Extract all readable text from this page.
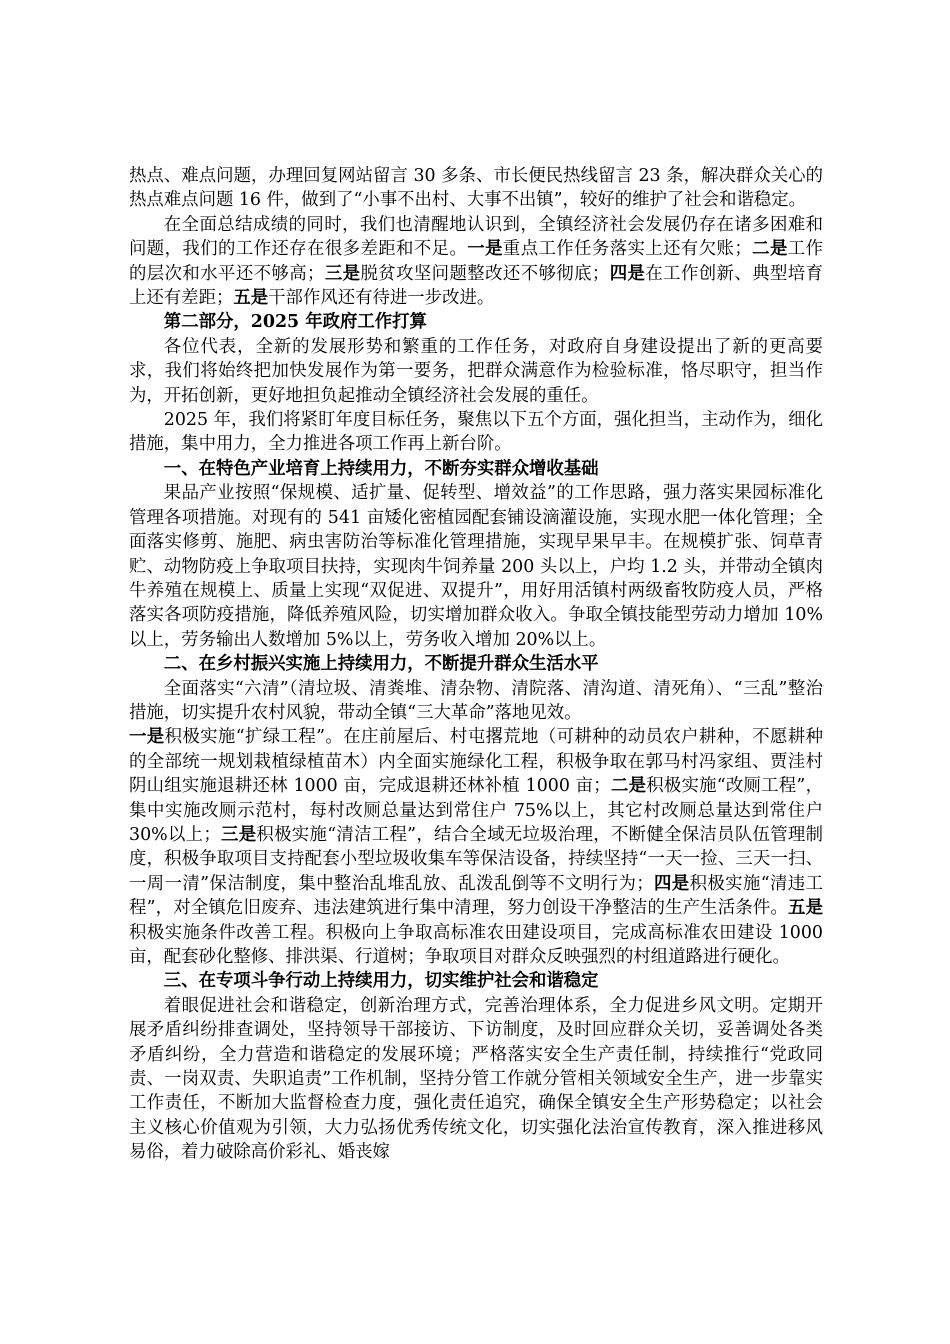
热点、难点问题，办理回复网站留言 30 多条、市长便民热线留言 23 条，解决群众关心的热点难点问题 16 件，做到了“小事不出村、大事不出镇”，较好的维护了社会和谐稳定。

在全面总结成绩的同时，我们也清醒地认识到，全镇经济社会发展仍存在诸多困难和问题，我们的工作还存在很多差距和不足。一是重点工作任务落实上还有欠账；二是工作的层次和水平还不够高；三是脱贫攻坚问题整改还不够彻底；四是在工作创新、典型培育上还有差距；五是干部作风还有待进一步改进。

第二部分，2025 年政府工作打算

各位代表，全新的发展形势和繁重的工作任务，对政府自身建设提出了新的更高要求，我们将始终把加快发展作为第一要务，把群众满意作为检验标准，恪尽职守，担当作为，开拓创新，更好地担负起推动全镇经济社会发展的重任。

2025 年，我们将紧盯年度目标任务，聚焦以下五个方面，强化担当，主动作为，细化措施，集中用力，全力推进各项工作再上新台阶。

一、在特色产业培育上持续用力，不断夯实群众增收基础

果品产业按照“保规模、适扩量、促转型、增效益”的工作思路，强力落实果园标准化管理各项措施。对现有的 541 亩矮化密植园配套铺设滴灌设施，实现水肥一体化管理；全面落实修剪、施肥、病虫害防治等标准化管理措施，实现早果早丰。在规模扩张、饲草青贮、动物防疫上争取项目扶持，实现肉牛饲养量 200 头以上，户均 1.2 头，并带动全镇肉牛养殖在规模上、质量上实现“双促进、双提升”，用好用活镇村两级畜牧防疫人员，严格落实各项防疫措施，降低养殖风险，切实增加群众收入。争取全镇技能型劳动力增加 10%以上，劳务输出人数增加 5%以上，劳务收入增加 20%以上。

二、在乡村振兴实施上持续用力，不断提升群众生活水平

全面落实“六清”（清垃圾、清粪堆、清杂物、清院落、清沟道、清死角）、“三乱”整治措施，切实提升农村风貌，带动全镇“三大革命”落地见效。
一是积极实施“扩绿工程”。在庄前屋后、村屯撂荒地（可耕种的动员农户耕种，不愿耕种的全部统一规划栽植绿植苗木）内全面实施绿化工程，积极争取在郭马村冯家组、贾洼村阴山组实施退耕还林 1000 亩，完成退耕还林补植 1000 亩；二是积极实施“改厕工程”，集中实施改厕示范村，每村改厕总量达到常住户 75%以上，其它村改厕总量达到常住户 30%以上；三是积极实施“清洁工程”，结合全域无垃圾治理，不断健全保洁员队伍管理制度，积极争取项目支持配套小型垃圾收集车等保洁设备，持续坚持“一天一捡、三天一扫、一周一清”保洁制度，集中整治乱堆乱放、乱泼乱倒等不文明行为；四是积极实施“清违工程”，对全镇危旧废弃、违法建筑进行集中清理，努力创设干净整洁的生产生活条件。五是积极实施条件改善工程。积极向上争取高标准农田建设项目，完成高标准农田建设 1000 亩，配套砂化整修、排洪渠、行道树；争取项目对群众反映强烈的村组道路进行硬化。

三、在专项斗争行动上持续用力，切实维护社会和谐稳定

着眼促进社会和谐稳定，创新治理方式，完善治理体系，全力促进乡风文明。定期开展矛盾纠纷排查调处，坚持领导干部接访、下访制度，及时回应群众关切，妥善调处各类矛盾纠纷，全力营造和谐稳定的发展环境；严格落实安全生产责任制，持续推行“党政同责、一岗双责、失职追责”工作机制，坚持分管工作就分管相关领域安全生产，进一步靠实工作责任，不断加大监督检查力度，强化责任追究，确保全镇安全生产形势稳定；以社会主义核心价值观为引领，大力弘扬优秀传统文化，切实强化法治宣传教育，深入推进移风易俗，着力破除高价彩礼、婚丧嫁
